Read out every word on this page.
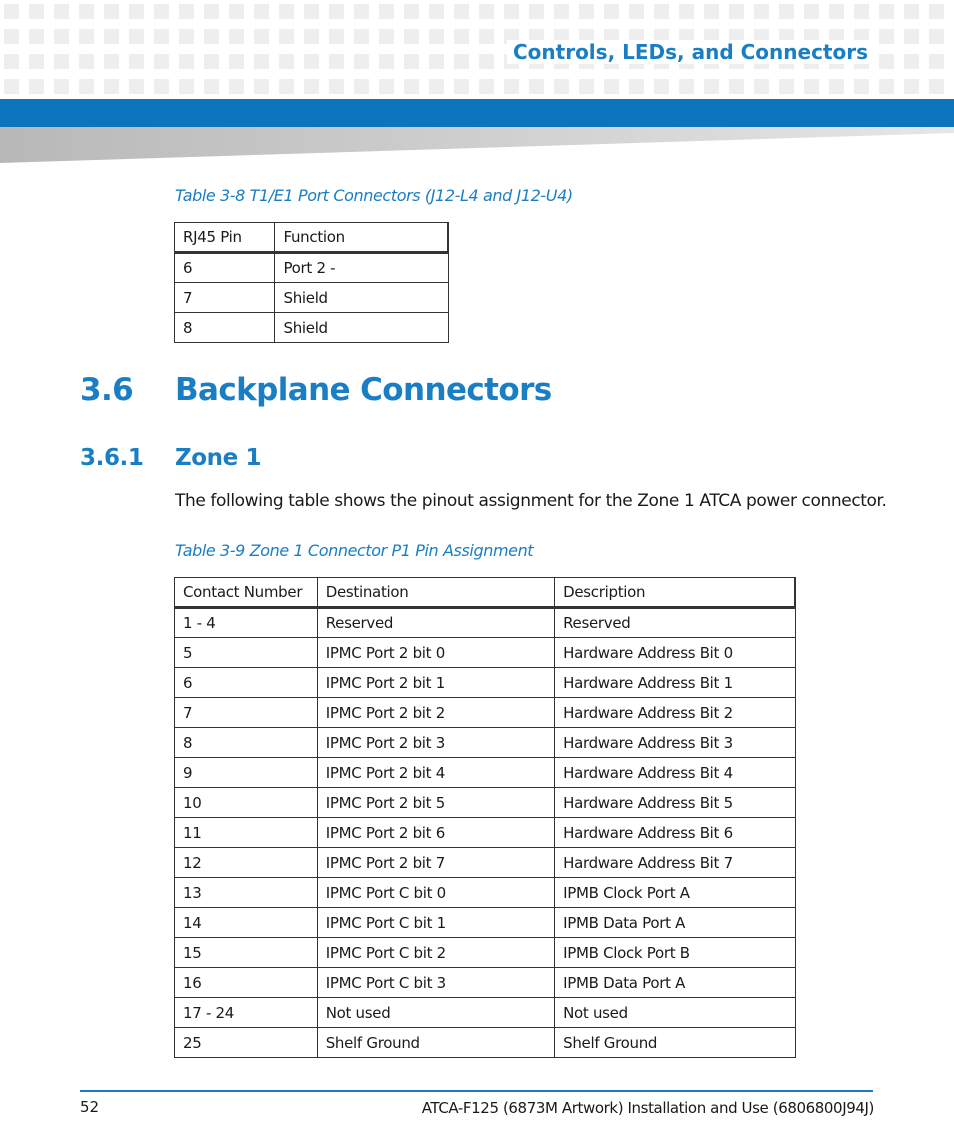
Controls, LEDs, and Connectors
Table 3-8 T1/E1 Port Connectors (J12-L4 and J12-U4)
RJ45 Pin	Function
6	Port 2 -
7	Shield
8	Shield
3.6 Backplane Connectors
3.6.1 Zone 1
The following table shows the pinout assignment for the Zone 1 ATCA power connector.
Table 3-9 Zone 1 Connector P1 Pin Assignment
Contact Number	Destination	Description
1 - 4	Reserved	Reserved
5	IPMC Port 2 bit 0	Hardware Address Bit 0
6	IPMC Port 2 bit 1	Hardware Address Bit 1
7	IPMC Port 2 bit 2	Hardware Address Bit 2
8	IPMC Port 2 bit 3	Hardware Address Bit 3
9	IPMC Port 2 bit 4	Hardware Address Bit 4
10	IPMC Port 2 bit 5	Hardware Address Bit 5
11	IPMC Port 2 bit 6	Hardware Address Bit 6
12	IPMC Port 2 bit 7	Hardware Address Bit 7
13	IPMC Port C bit 0	IPMB Clock Port A
14	IPMC Port C bit 1	IPMB Data Port A
15	IPMC Port C bit 2	IPMB Clock Port B
16	IPMC Port C bit 3	IPMB Data Port A
17 - 24	Not used	Not used
25	Shelf Ground	Shelf Ground
52	ATCA-F125 (6873M Artwork) Installation and Use (6806800J94J)
